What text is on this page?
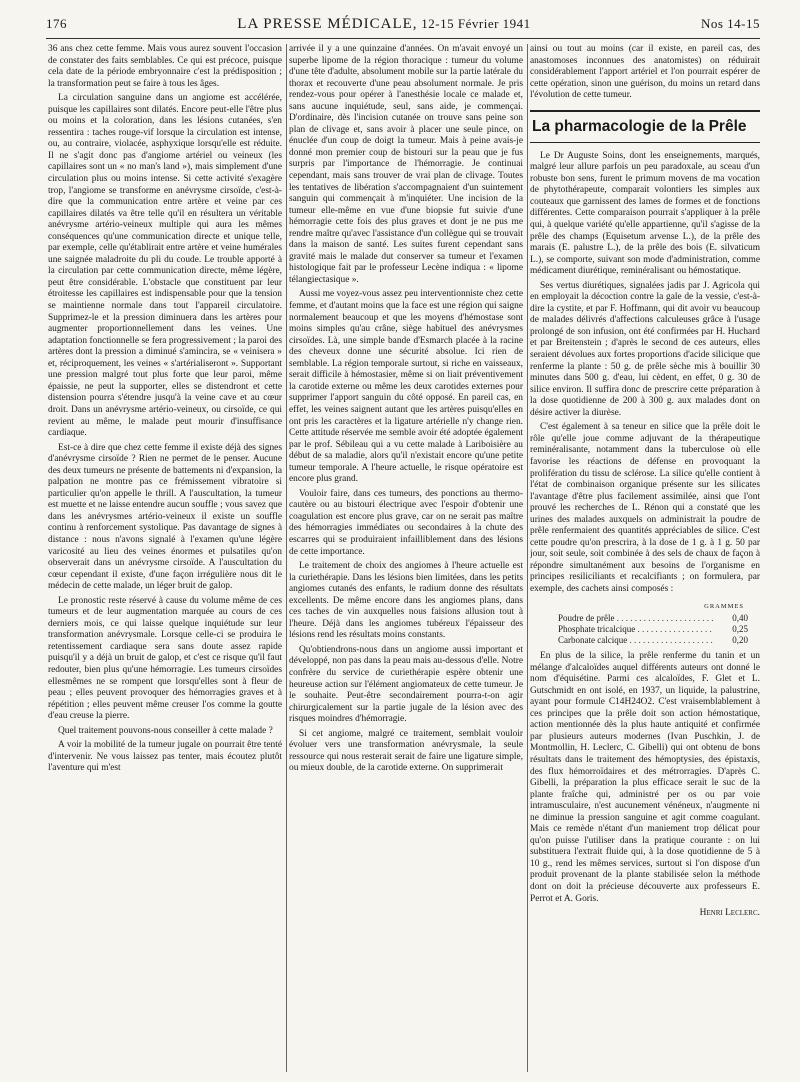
176	LA PRESSE MÉDICALE, 12-15 Février 1941	Nos 14-15

36 ans chez cette femme. Mais vous aurez souvent l'occasion de constater des faits semblables. Ce qui est précoce, puisque cela date de la période embryonnaire c'est la prédisposition ; la transformation peut se faire à tous les âges.

La circulation sanguine dans un angiome est accélérée, puisque les capillaires sont dilatés. Encore peut-elle l'être plus ou moins et la coloration, dans les lésions cutanées, s'en ressentira : taches rouge-vif lorsque la circulation est intense, ou, au contraire, violacée, asphyxique lorsqu'elle est réduite. Il ne s'agit donc pas d'angiome artériel ou veineux (les capillaires sont un « no man's land »), mais simplement d'une circulation plus ou moins intense. Si cette activité s'exagère trop, l'angiome se transforme en anévrysme cirsoïde, c'est-à-dire que la communication entre artère et veine par ces capillaires dilatés va être telle qu'il en résultera un véritable anévrysme artério-veineux multiple qui aura les mêmes conséquences qu'une communication directe et unique telle, par exemple, celle qu'établirait entre artère et veine humérales une saignée maladroite du pli du coude. Le trouble apporté à la circulation par cette communication directe, même légère, peut être considérable. L'obstacle que constituent par leur étroitesse les capillaires est indispensable pour que la tension se maintienne normale dans tout l'appareil circulatoire. Supprimez-le et la pression diminuera dans les artères pour augmenter proportionnellement dans les veines. Une adaptation fonctionnelle se fera progressivement ; la paroi des artères dont la pression a diminué s'amincira, se « veinisera » et, réciproquement, les veines « s'artérialiseront ». Supportant une pression malgré tout plus forte que leur paroi, même épaissie, ne peut la supporter, elles se distendront et cette distension pourra s'étendre jusqu'à la veine cave et au cœur droit. Dans un anévrysme artério-veineux, ou cirsoïde, ce qui revient au même, le malade peut mourir d'insuffisance cardiaque.

Est-ce à dire que chez cette femme il existe déjà des signes d'anévrysme cirsoïde ? Rien ne permet de le penser. Aucune des deux tumeurs ne présente de battements ni d'expansion, la palpation ne montre pas ce frémissement vibratoire si particulier qu'on appelle le thrill. A l'auscultation, la tumeur est muette et ne laisse entendre aucun souffle ; vous savez que dans les anévrysmes artério-veineux il existe un souffle continu à renforcement systolique. Pas davantage de signes à distance : nous n'avons signalé à l'examen qu'une légère varicosité au lieu des veines énormes et pulsatiles qu'on observerait dans un anévrysme cirsoïde. A l'auscultation du cœur cependant il existe, d'une façon irrégulière nous dit le médecin de cette malade, un léger bruit de galop.

Le pronostic reste réservé à cause du volume même de ces tumeurs et de leur augmentation marquée au cours de ces derniers mois, ce qui laisse quelque inquiétude sur leur transformation anévrysmale. Lorsque celle-ci se produira le retentissement cardiaque sera sans doute assez rapide puisqu'il y a déjà un bruit de galop, et c'est ce risque qu'il faut redouter, bien plus qu'une hémorragie. Les tumeurs cirsoïdes ellesmêmes ne se rompent que lorsqu'elles sont à fleur de peau ; elles peuvent provoquer des hémorragies graves et à répétition ; elles peuvent même creuser l'os comme la goutte d'eau creuse la pierre.

Quel traitement pouvons-nous conseiller à cette malade ?

A voir la mobilité de la tumeur jugale on pourrait être tenté d'intervenir. Ne vous laissez pas tenter, mais écoutez plutôt l'aventure qui m'est

arrivée il y a une quinzaine d'années. On m'avait envoyé un superbe lipome de la région thoracique : tumeur du volume d'une tête d'adulte, absolument mobile sur la partie latérale du thorax et recouverte d'une peau absolument normale. Je pris rendez-vous pour opérer à l'anesthésie locale ce malade et, sans aucune inquiétude, seul, sans aide, je commençai. D'ordinaire, dès l'incision cutanée on trouve sans peine son plan de clivage et, sans avoir à placer une seule pince, on énuclée d'un coup de doigt la tumeur. Mais à peine avais-je donné mon premier coup de bistouri sur la peau que je fus surpris par l'importance de l'hémorragie. Je continuai cependant, mais sans trouver de vrai plan de clivage. Toutes les tentatives de libération s'accompagnaient d'un suintement sanguin qui commençait à m'inquiéter. Une incision de la tumeur elle-même en vue d'une biopsie fut suivie d'une hémorragie cette fois des plus graves et dont je ne pus me rendre maître qu'avec l'assistance d'un collègue qui se trouvait dans la maison de santé. Les suites furent cependant sans gravité mais le malade dut conserver sa tumeur et l'examen histologique fait par le professeur Lecène indiqua : « lipome télangiectasique ».

Aussi me voyez-vous assez peu interventionniste chez cette femme, et d'autant moins que la face est une région qui saigne normalement beaucoup et que les moyens d'hémostase sont moins simples qu'au crâne, siège habituel des anévrysmes cirsoïdes. Là, une simple bande d'Esmarch placée à la racine des cheveux donne une sécurité absolue. Ici rien de semblable. La région temporale surtout, si riche en vaisseaux, serait difficile à hémostasier, même si on liait préventivement la carotide externe ou même les deux carotides externes pour supprimer l'apport sanguin du côté opposé. En pareil cas, en effet, les veines saignent autant que les artères puisqu'elles en ont pris les caractères et la ligature artérielle n'y change rien. Cette attitude réservée me semble avoir été adoptée également par le prof. Sébileau qui a vu cette malade à Lariboisière au début de sa maladie, alors qu'il n'existait encore qu'une petite tumeur temporale. A l'heure actuelle, le risque opératoire est encore plus grand.

Vouloir faire, dans ces tumeurs, des ponctions au thermo-cautère ou au bistouri électrique avec l'espoir d'obtenir une coagulation est encore plus grave, car on ne serait pas maître des hémorragies immédiates ou secondaires à la chute des escarres qui se produiraient infailliblement dans des lésions de cette importance.

Le traitement de choix des angiomes à l'heure actuelle est la curiethérapie. Dans les lésions bien limitées, dans les petits angiomes cutanés des enfants, le radium donne des résultats excellents. De même encore dans les angiomes plans, dans ces taches de vin auxquelles nous faisions allusion tout à l'heure. Déjà dans les angiomes tubéreux l'épaisseur des lésions rend les résultats moins constants.

Qu'obtiendrons-nous dans un angiome aussi important et développé, non pas dans la peau mais au-dessous d'elle. Notre confrère du service de curiethérapie espère obtenir une heureuse action sur l'élément angiomateux de cette tumeur. Je le souhaite. Peut-être secondairement pourra-t-on agir chirurgicalement sur la partie jugale de la lésion avec des risques moindres d'hémorragie.

Si cet angiome, malgré ce traitement, semblait vouloir évoluer vers une transformation anévrysmale, la seule ressource qui nous resterait serait de faire une ligature simple, ou mieux double, de la carotide externe. On supprimerait

ainsi ou tout au moins (car il existe, en pareil cas, des anastomoses inconnues des anatomistes) on réduirait considérablement l'apport artériel et l'on pourrait espérer de cette opération, sinon une guérison, du moins un retard dans l'évolution de cette tumeur.

La pharmacologie de la Prêle

Le Dr Auguste Soins, dont les enseignements, marqués, malgré leur allure parfois un peu paradoxale, au sceau d'un robuste bon sens, furent le primum movens de ma vocation de phytothérapeute, comparait volontiers les simples aux couteaux que garnissent des lames de formes et de fonctions différentes. Cette comparaison pourrait s'appliquer à la prêle qui, à quelque variété qu'elle appartienne, qu'il s'agisse de la prêle des champs (Equisetum arvense L.), de la prêle des marais (E. palustre L.), de la prêle des bois (E. silvaticum L.), se comporte, suivant son mode d'administration, comme médicament diurétique, reminéralisant ou hémostatique.

Ses vertus diurétiques, signalées jadis par J. Agricola qui en employait la décoction contre la gale de la vessie, c'est-à-dire la cystite, et par F. Hoffmann, qui dit avoir vu beaucoup de malades délivrés d'affections calculeuses grâce à l'usage prolongé de son infusion, ont été confirmées par H. Huchard et par Breitenstein ; d'après le second de ces auteurs, elles seraient dévolues aux fortes proportions d'acide silicique que renferme la plante : 50 g. de prêle sèche mis à bouillir 30 minutes dans 500 g. d'eau, lui cèdent, en effet, 0 g. 30 de silice environ. Il suffira donc de prescrire cette préparation à la dose quotidienne de 200 à 300 g. aux malades dont on désire activer la diurèse.

C'est également à sa teneur en silice que la prêle doit le rôle qu'elle joue comme adjuvant de la thérapeutique reminéralisante, notamment dans la tuberculose où elle favorise les réactions de défense en provoquant la prolifération du tissu de sclérose. La silice qu'elle contient à l'état de combinaison organique présente sur les silicates l'avantage d'être plus facilement assimilée, ainsi que l'ont prouvé les recherches de L. Rénon qui a constaté que les urines des malades auxquels on administrait la poudre de prêle renfermaient des quantités appréciables de silice. C'est cette poudre qu'on prescrira, à la dose de 1 g. à 1 g. 50 par jour, soit seule, soit combinée à des sels de chaux de façon à répondre simultanément aux besoins de l'organisme en principes resiliciliants et recalcifiants ; on formulera, par exemple, des cachets ainsi composés :

GRAMMES
Poudre de prêle . . .	0,40
Phosphate tricalcique . . .	0,25
Carbonate calcique . . .	0,20

En plus de la silice, la prêle renferme du tanin et un mélange d'alcaloïdes auquel différents auteurs ont donné le nom d'équisétine. Parmi ces alcaloïdes, F. Glet et L. Gutschmidt en ont isolé, en 1937, un liquide, la palustrine, ayant pour formule C14H24O2. C'est vraisemblablement à ces principes que la prêle doit son action hémostatique, action mentionnée dès la plus haute antiquité et confirmée par plusieurs auteurs modernes (Ivan Puschkin, J. de Montmollin, H. Leclerc, C. Gibelli) qui ont obtenu de bons résultats dans le traitement des hémoptysies, des épistaxis, des flux hémorroïdaires et des métrorragies. D'après C. Gibelli, la préparation la plus efficace serait le suc de la plante fraîche qui, administré per os ou par voie intramusculaire, n'est aucunement vénéneux, n'augmente ni ne diminue la pression sanguine et agit comme coagulant. Mais ce remède n'étant d'un maniement trop délicat pour qu'on puisse l'utiliser dans la pratique courante : on lui substituera l'extrait fluide qui, à la dose quotidienne de 5 à 10 g., rend les mêmes services, surtout si l'on dispose d'un produit provenant de la plante stabilisée selon la méthode dont on doit la précieuse découverte aux professeurs E. Perrot et A. Goris.

Henri Leclerc.
